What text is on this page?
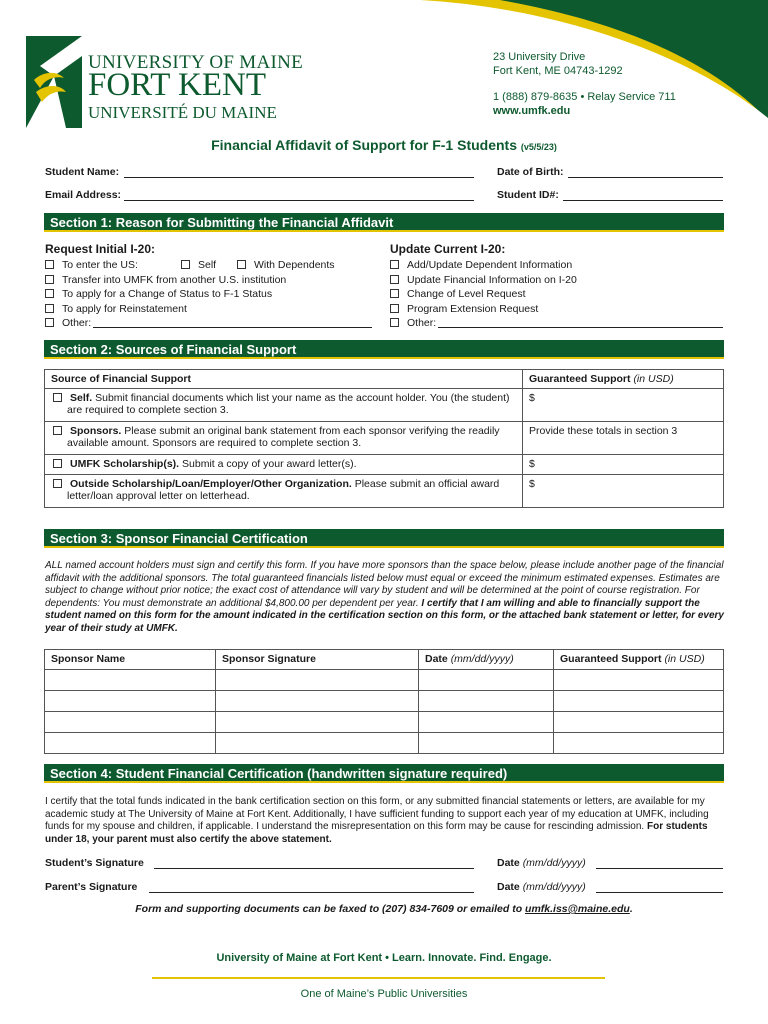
UNIVERSITY OF MAINE
FORT KENT
UNIVERSITÉ DU MAINE
23 University Drive
Fort Kent, ME 04743-1292
1 (888) 879-8635 • Relay Service 711
www.umfk.edu
Financial Affidavit of Support for F-1 Students (v5/5/23)
Student Name:	Date of Birth:
Email Address:	Student ID#:
Section 1: Reason for Submitting the Financial Affidavit
Request Initial I-20:
To enter the US:	Self	With Dependents
Transfer into UMFK from another U.S. institution
To apply for a Change of Status to F-1 Status
To apply for Reinstatement
Other:
Update Current I-20:
Add/Update Dependent Information
Update Financial Information on I-20
Change of Level Request
Program Extension Request
Other:
Section 2: Sources of Financial Support
Source of Financial Support	Guaranteed Support (in USD)
Self. Submit financial documents which list your name as the account holder. You (the student) are required to complete section 3.	$
Sponsors. Please submit an original bank statement from each sponsor verifying the readily available amount. Sponsors are required to complete section 3.	Provide these totals in section 3
UMFK Scholarship(s). Submit a copy of your award letter(s).	$
Outside Scholarship/Loan/Employer/Other Organization. Please submit an official award letter/loan approval letter on letterhead.	$
Section 3: Sponsor Financial Certification
ALL named account holders must sign and certify this form. If you have more sponsors than the space below, please include another page of the financial affidavit with the additional sponsors. The total guaranteed financials listed below must equal or exceed the minimum estimated expenses. Estimates are subject to change without prior notice; the exact cost of attendance will vary by student and will be determined at the point of course registration. For dependents: You must demonstrate an additional $4,800.00 per dependent per year. I certify that I am willing and able to financially support the student named on this form for the amount indicated in the certification section on this form, or the attached bank statement or letter, for every year of their study at UMFK.
Sponsor Name	Sponsor Signature	Date (mm/dd/yyyy)	Guaranteed Support (in USD)

Section 4: Student Financial Certification (handwritten signature required)
I certify that the total funds indicated in the bank certification section on this form, or any submitted financial statements or letters, are available for my academic study at The University of Maine at Fort Kent. Additionally, I have sufficient funding to support each year of my education at UMFK, including funds for my spouse and children, if applicable. I understand the misrepresentation on this form may be cause for rescinding admission. For students under 18, your parent must also certify the above statement.
Student’s Signature	Date (mm/dd/yyyy)
Parent’s Signature	Date (mm/dd/yyyy)
Form and supporting documents can be faxed to (207) 834-7609 or emailed to umfk.iss@maine.edu.
University of Maine at Fort Kent • Learn. Innovate. Find. Engage.
One of Maine’s Public Universities
